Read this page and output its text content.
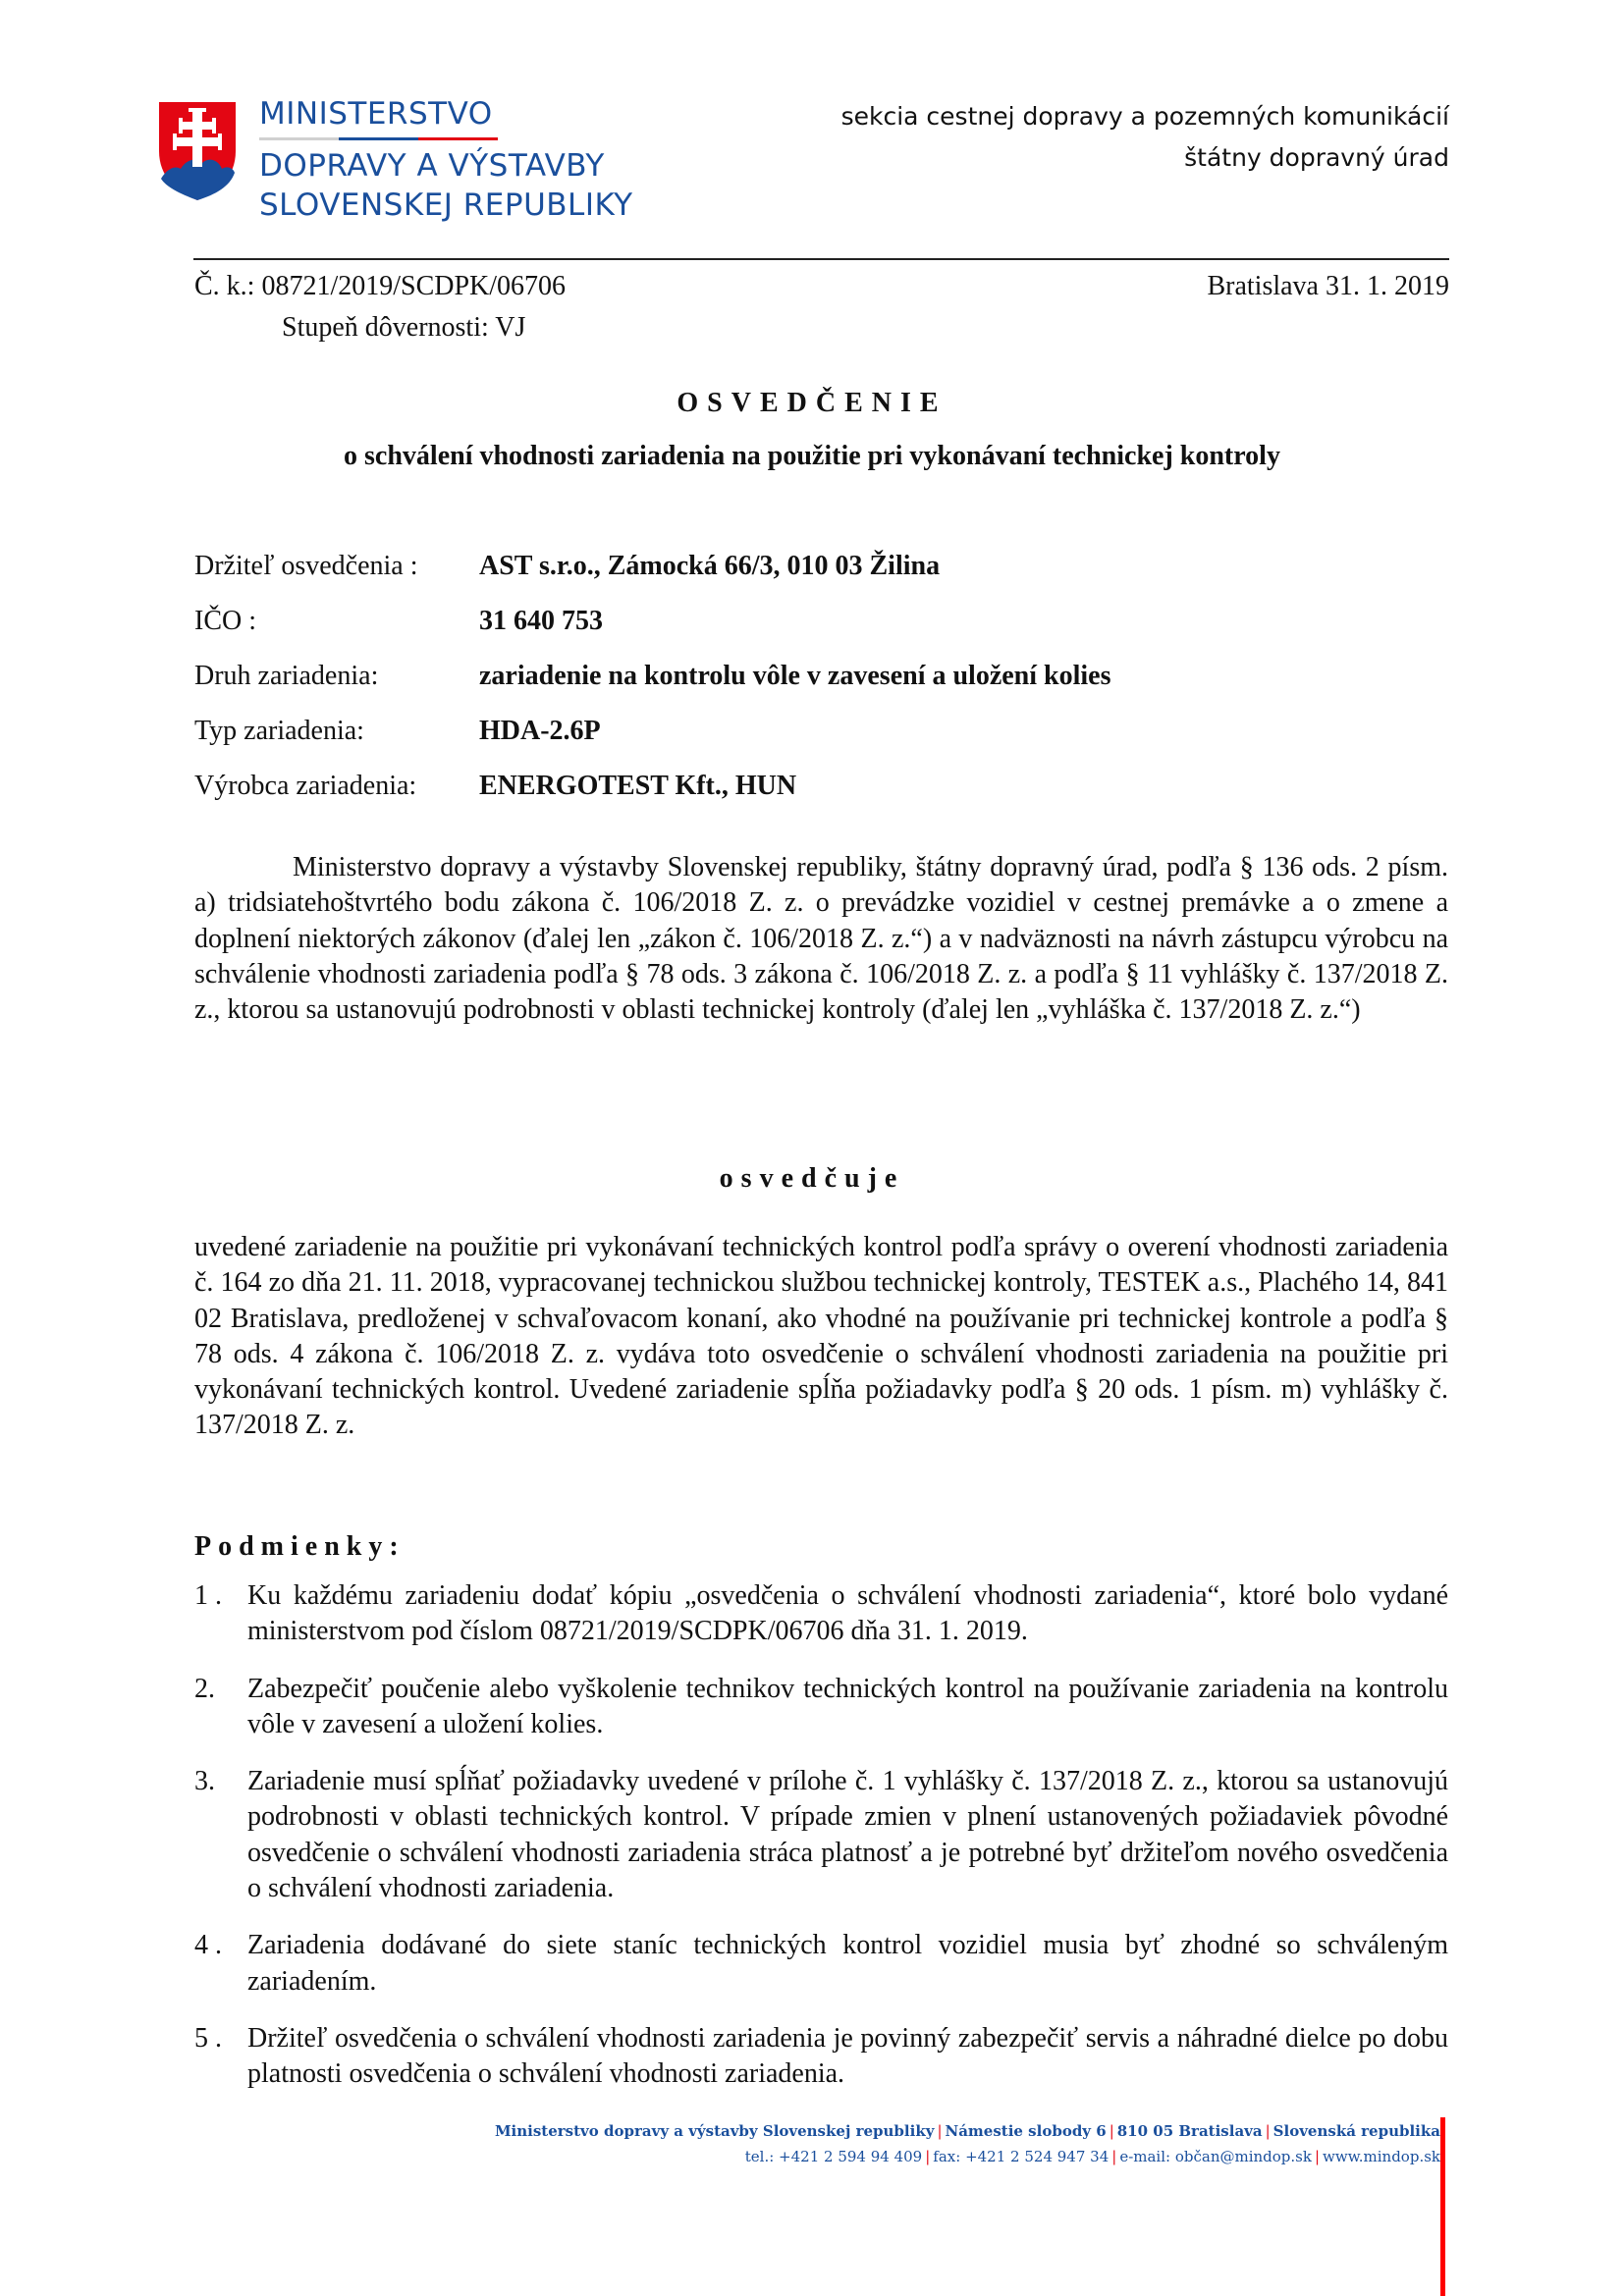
MINISTERSTVO
DOPRAVY A VÝSTAVBY
SLOVENSKEJ REPUBLIKY
sekcia cestnej dopravy a pozemných komunikácií
štátny dopravný úrad
Č. k.: 08721/2019/SCDPK/06706
Stupeň dôvernosti: VJ
Bratislava 31. 1. 2019
OSVEDČENIE
o schválení vhodnosti zariadenia na použitie pri vykonávaní technickej kontroly
Držiteľ osvedčenia :	AST s.r.o., Zámocká 66/3, 010 03 Žilina
IČO :	31 640 753
Druh zariadenia:	zariadenie na kontrolu vôle v zavesení a uložení kolies
Typ zariadenia:	HDA-2.6P
Výrobca zariadenia:	ENERGOTEST Kft., HUN
Ministerstvo dopravy a výstavby Slovenskej republiky, štátny dopravný úrad, podľa § 136 ods. 2 písm. a) tridsiatehoštvrtého bodu zákona č. 106/2018 Z. z. o prevádzke vozidiel v cestnej premávke a o zmene a doplnení niektorých zákonov (ďalej len „zákon č. 106/2018 Z. z.“) a v nadväznosti na návrh zástupcu výrobcu na schválenie vhodnosti zariadenia podľa § 78 ods. 3 zákona č. 106/2018 Z. z. a podľa § 11 vyhlášky č. 137/2018 Z. z., ktorou sa ustanovujú podrobnosti v oblasti technickej kontroly (ďalej len „vyhláška č. 137/2018 Z. z.“)
osvedčuje
uvedené zariadenie na použitie pri vykonávaní technických kontrol podľa správy o overení vhodnosti zariadenia č. 164 zo dňa 21. 11. 2018, vypracovanej technickou službou technickej kontroly, TESTEK a.s., Plachého 14, 841 02 Bratislava, predloženej v schvaľovacom konaní, ako vhodné na používanie pri technickej kontrole a podľa § 78 ods. 4 zákona č. 106/2018 Z. z. vydáva toto osvedčenie o schválení vhodnosti zariadenia na použitie pri vykonávaní technických kontrol. Uvedené zariadenie spĺňa požiadavky podľa § 20 ods. 1 písm. m) vyhlášky č. 137/2018 Z. z.
Podmienky:
1 . Ku každému zariadeniu dodať kópiu „osvedčenia o schválení vhodnosti zariadenia“, ktoré bolo vydané ministerstvom pod číslom 08721/2019/SCDPK/06706 dňa 31. 1. 2019.
2.	Zabezpečiť poučenie alebo vyškolenie technikov technických kontrol na používanie zariadenia na kontrolu vôle v zavesení a uložení kolies.
3.	Zariadenie musí spĺňať požiadavky uvedené v prílohe č. 1 vyhlášky č. 137/2018 Z. z., ktorou sa ustanovujú podrobnosti v oblasti technických kontrol. V prípade zmien v plnení ustanovených požiadaviek pôvodné osvedčenie o schválení vhodnosti zariadenia stráca platnosť a je potrebné byť držiteľom nového osvedčenia o schválení vhodnosti zariadenia.
4 . Zariadenia dodávané do siete staníc technických kontrol vozidiel musia byť zhodné so schváleným zariadením.
5 . Držiteľ osvedčenia o schválení vhodnosti zariadenia je povinný zabezpečiť servis a náhradné dielce po dobu platnosti osvedčenia o schválení vhodnosti zariadenia.
Ministerstvo dopravy a výstavby Slovenskej republiky | Námestie slobody 6 | 810 05 Bratislava | Slovenská republika
tel.: +421 2 594 94 409 | fax: +421 2 524 947 34 | e-mail: občan@mindop.sk | www.mindop.sk
